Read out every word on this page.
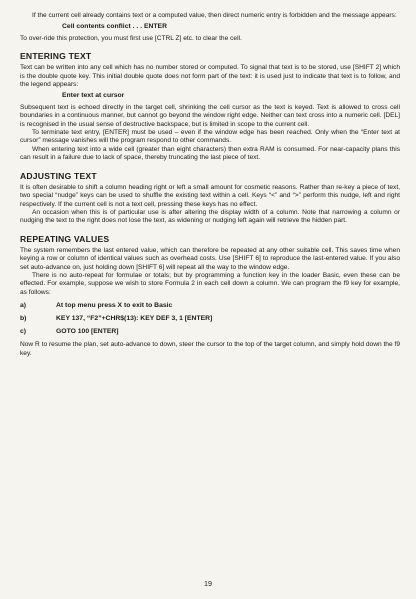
If the current cell already contains text or a computed value, then direct numeric entry is forbidden and the message appears:

Cell contents conflict . . . ENTER

To over-ride this protection, you must first use [CTRL Z] etc. to clear the cell.

ENTERING TEXT

Text can be written into any cell which has no number stored or computed. To signal that text is to be stored, use [SHIFT 2] which is the double quote key. This initial double quote does not form part of the text: it is used just to indicate that text is to follow, and the legend appears:

Enter text at cursor

Subsequent text is echoed directly in the target cell, shrinking the cell cursor as the text is keyed. Text is allowed to cross cell boundaries in a continuous manner, but cannot go beyond the window right edge. Neither can text cross into a numeric cell. [DEL] is recognised in the usual sense of destructive backspace, but is limited in scope to the current cell.

To terminate text entry, [ENTER] must be used – even if the window edge has been reached. Only when the “Enter text at cursor” message vanishes will the program respond to other commands.

When entering text into a wide cell (greater than eight characters) then extra RAM is consumed. For near-capacity plans this can result in a failure due to lack of space, thereby truncating the last piece of text.

ADJUSTING TEXT

It is often desirable to shift a column heading right or left a small amount for cosmetic reasons. Rather than re-key a piece of text, two special “nudge” keys can be used to shuffle the existing text within a cell. Keys “<” and “>” perform this nudge, left and right respectively. If the current cell is not a text cell, pressing these keys has no effect.

An occasion when this is of particular use is after altering the display width of a column. Note that narrowing a column or nudging the text to the right does not lose the text, as widening or nudging left again will retrieve the hidden part.

REPEATING VALUES

The system remembers the last entered value, which can therefore be repeated at any other suitable cell. This saves time when keying a row or column of identical values such as overhead costs. Use [SHIFT 6] to reproduce the last-entered value. If you also set auto-advance on, just holding down [SHIFT 6] will repeat all the way to the window edge.

There is no auto-repeat for formulae or totals; but by programming a function key in the loader Basic, even these can be effected. For example, suppose we wish to store Formula 2 in each cell down a column. We can program the f9 key for example, as follows:

a)	At top menu press X to exit to Basic
b)	KEY 137, “F2”+CHR$(13): KEY DEF 3, 1 [ENTER]
c)	GOTO 100 [ENTER]

Now R to resume the plan, set auto-advance to down, steer the cursor to the top of the target column, and simply hold down the f9 key.

19
